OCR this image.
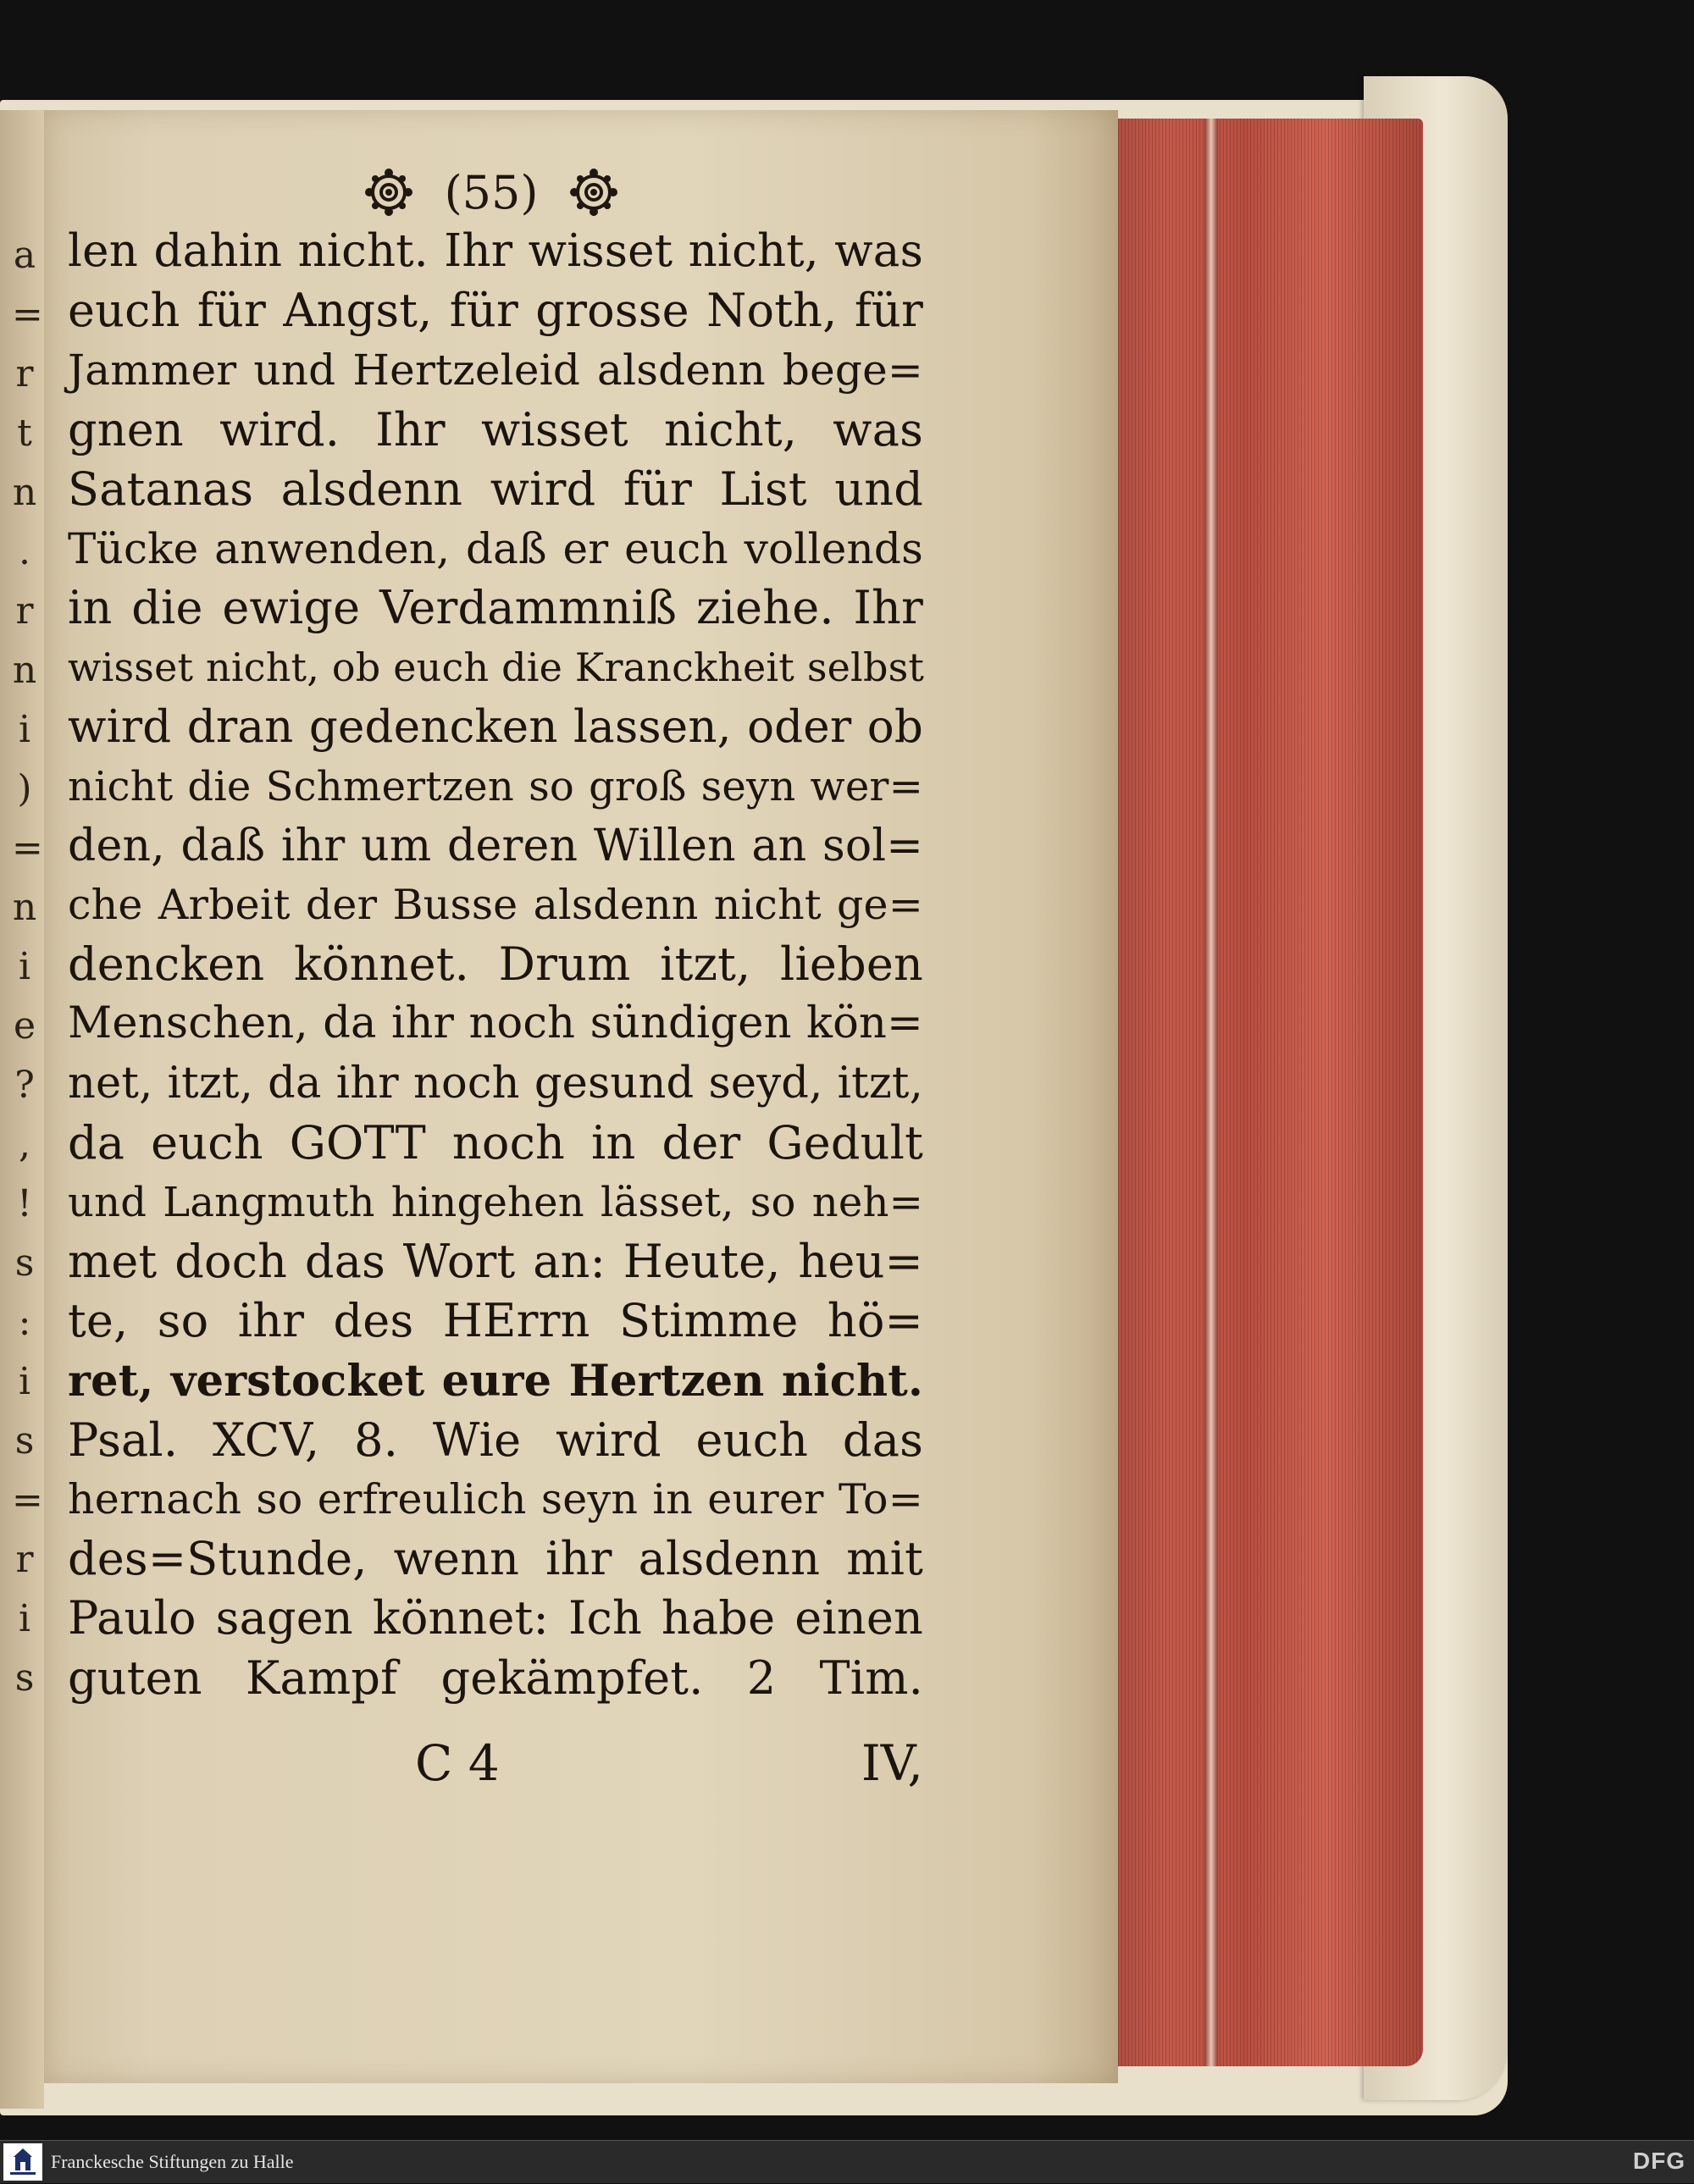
a
=
r
t
n
.
r
n
i
)
=
n
i
e
?
,
!
s
:
i
s
=
r
i
s
(55)
len dahin nicht. Ihr wisset nicht, was
euch für Angst, für grosse Noth, für
Jammer und Hertzeleid alsdenn bege=
gnen wird. Ihr wisset nicht, was
Satanas alsdenn wird für List und
Tücke anwenden, daß er euch vollends
in die ewige Verdammniß ziehe. Ihr
wisset nicht, ob euch die Kranckheit selbst
wird dran gedencken lassen, oder ob
nicht die Schmertzen so groß seyn wer=
den, daß ihr um deren Willen an sol=
che Arbeit der Busse alsdenn nicht ge=
dencken könnet. Drum itzt, lieben
Menschen, da ihr noch sündigen kön=
net, itzt, da ihr noch gesund seyd, itzt,
da euch GOTT noch in der Gedult
und Langmuth hingehen lässet, so neh=
met doch das Wort an: Heute, heu=
te, so ihr des HErrn Stimme hö=
ret, verstocket eure Hertzen nicht.
Psal. XCV, 8. Wie wird euch das
hernach so erfreulich seyn in eurer To=
des=Stunde, wenn ihr alsdenn mit
Paulo sagen könnet: Ich habe einen
guten Kampf gekämpfet. 2 Tim.
C 4	IV,
Franckesche Stiftungen zu Halle	DFG
